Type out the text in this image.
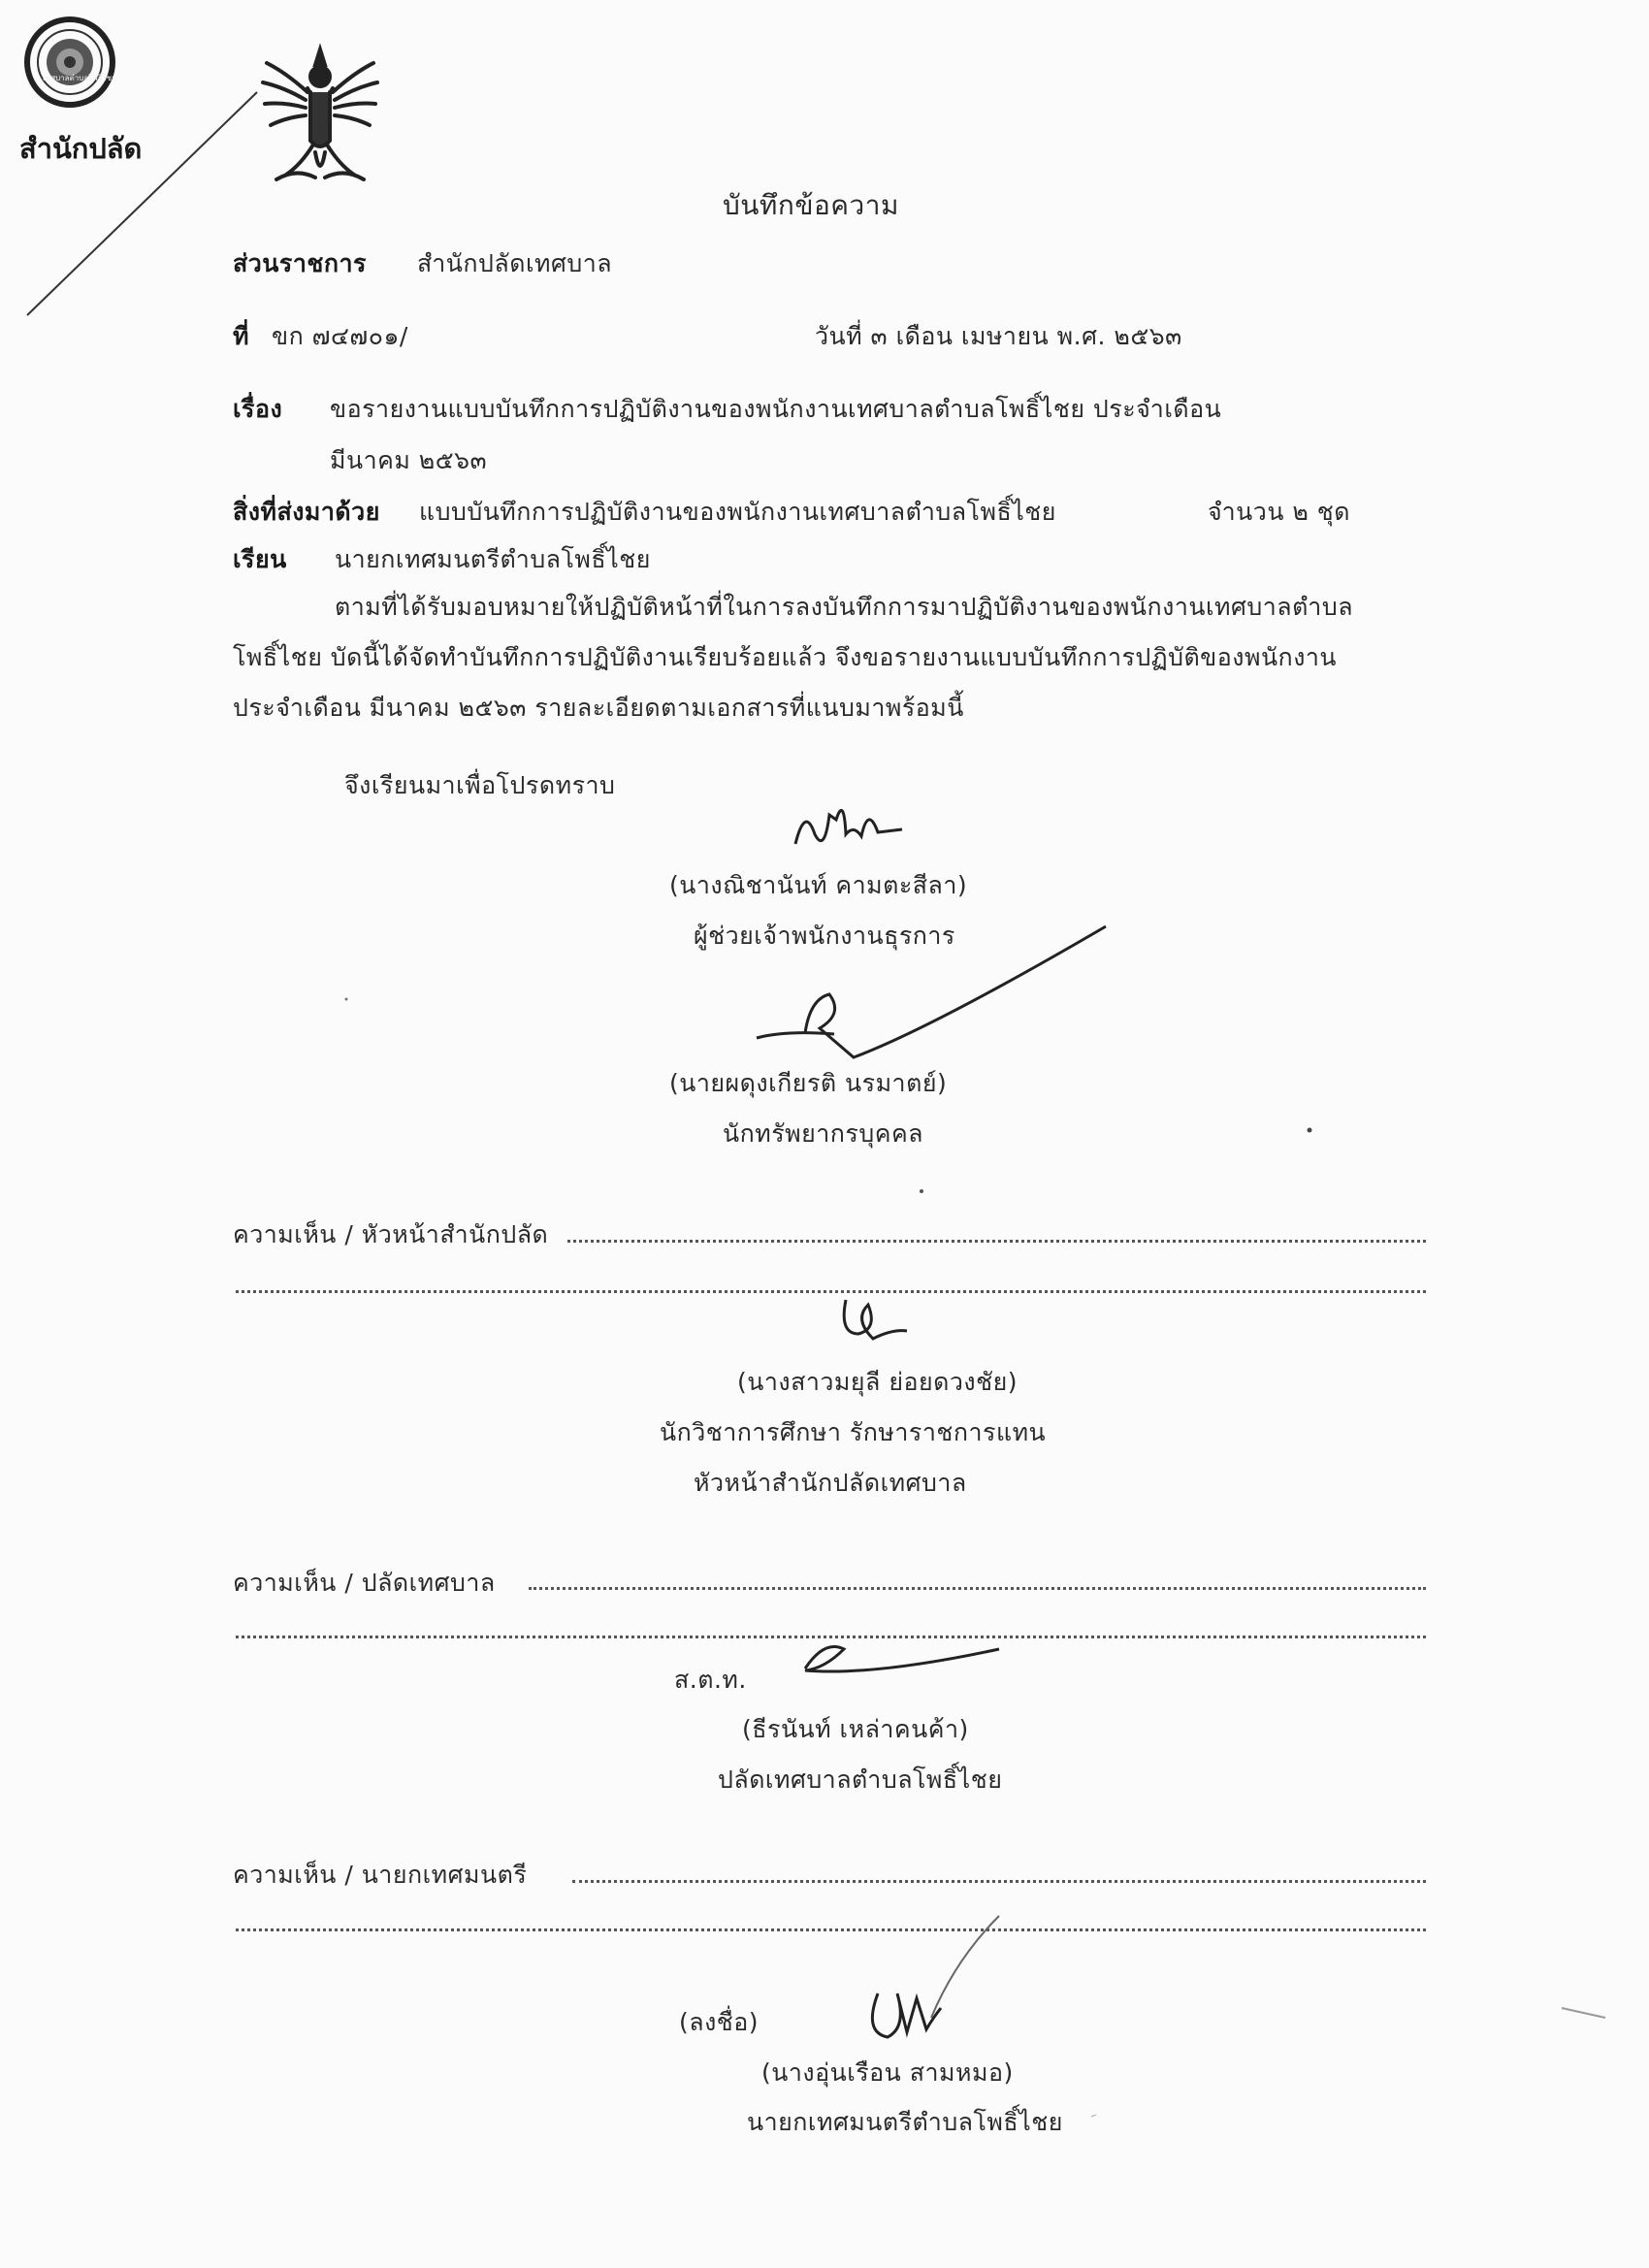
สำนักปลัด
เทศบาลตำบลโพธิ์ไชย
บันทึกข้อความ
ส่วนราชการ สำนักปลัดเทศบาล
ที่ ขก ๗๔๗๐๑/	วันที่ ๓ เดือน เมษายน พ.ศ. ๒๕๖๓
เรื่อง ขอรายงานแบบบันทึกการปฏิบัติงานของพนักงานเทศบาลตำบลโพธิ์ไชย ประจำเดือน
มีนาคม ๒๕๖๓
สิ่งที่ส่งมาด้วย แบบบันทึกการปฏิบัติงานของพนักงานเทศบาลตำบลโพธิ์ไชย	จำนวน ๒ ชุด
เรียน นายกเทศมนตรีตำบลโพธิ์ไชย
ตามที่ได้รับมอบหมายให้ปฏิบัติหน้าที่ในการลงบันทึกการมาปฏิบัติงานของพนักงานเทศบาลตำบล
โพธิ์ไชย บัดนี้ได้จัดทำบันทึกการปฏิบัติงานเรียบร้อยแล้ว จึงขอรายงานแบบบันทึกการปฏิบัติของพนักงาน
ประจำเดือน มีนาคม ๒๕๖๓ รายละเอียดตามเอกสารที่แนบมาพร้อมนี้
จึงเรียนมาเพื่อโปรดทราบ
(นางณิชานันท์ คามตะสีลา)
ผู้ช่วยเจ้าพนักงานธุรการ
(นายผดุงเกียรติ นรมาตย์)
นักทรัพยากรบุคคล
ความเห็น / หัวหน้าสำนักปลัด
(นางสาวมยุลี ย่อยดวงชัย)
นักวิชาการศึกษา รักษาราชการแทน
หัวหน้าสำนักปลัดเทศบาล
ความเห็น / ปลัดเทศบาล
ส.ต.ท.
(ธีรนันท์ เหล่าคนค้า)
ปลัดเทศบาลตำบลโพธิ์ไชย
ความเห็น / นายกเทศมนตรี
(ลงชื่อ)
(นางอุ่นเรือน สามหมอ)
นายกเทศมนตรีตำบลโพธิ์ไชย
